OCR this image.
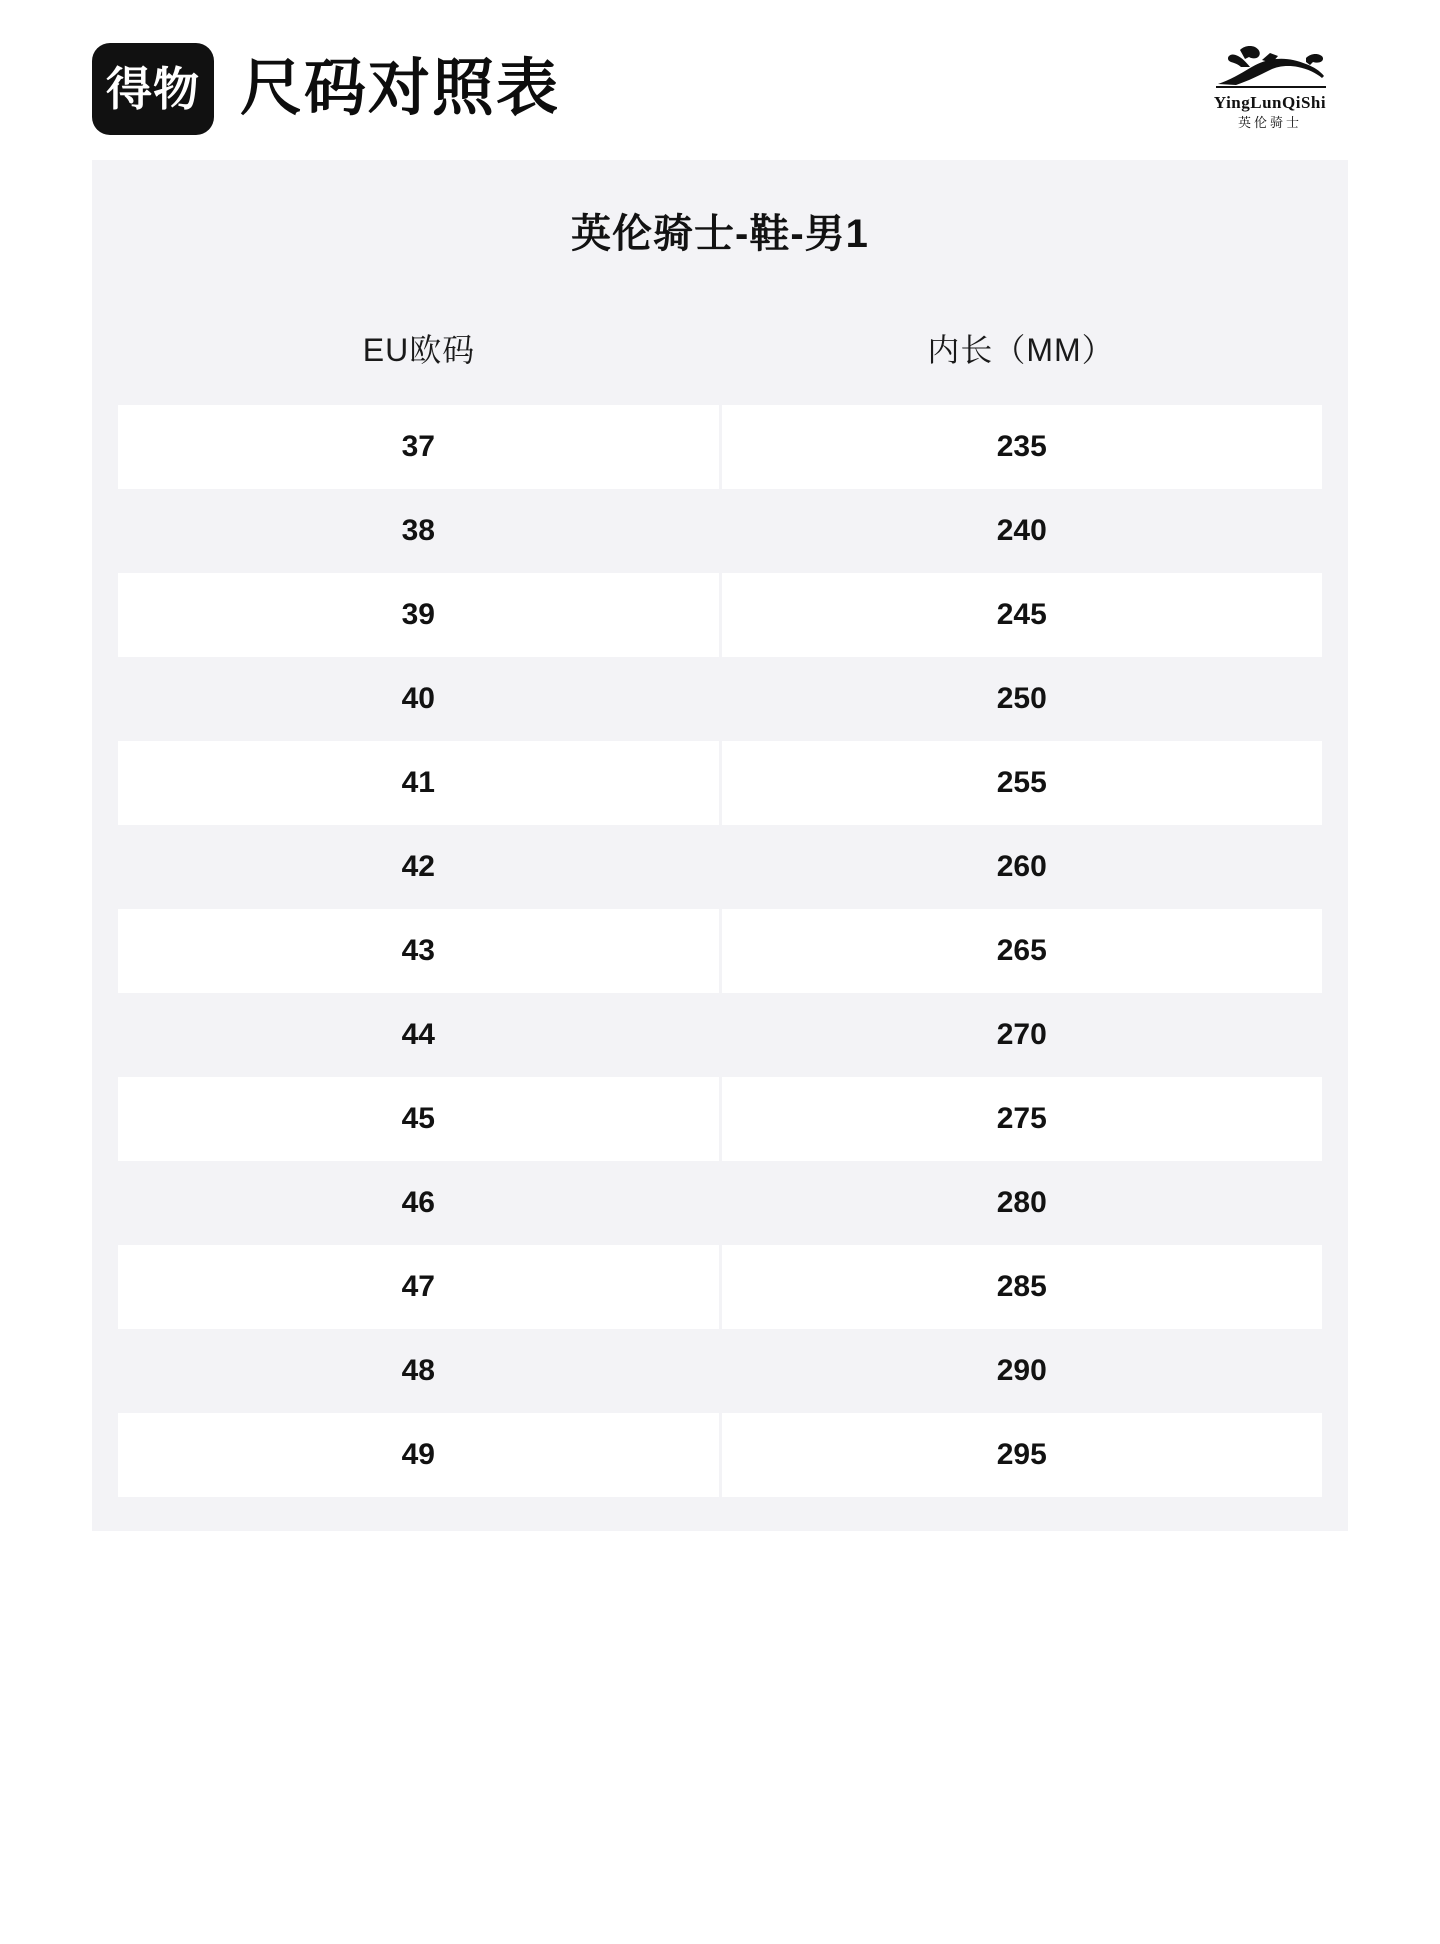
得物 尺码对照表	YingLunQiShi
英伦骑士
英伦骑士-鞋-男1
EU欧码	内长（MM）
37	235
38	240
39	245
40	250
41	255
42	260
43	265
44	270
45	275
46	280
47	285
48	290
49	295
